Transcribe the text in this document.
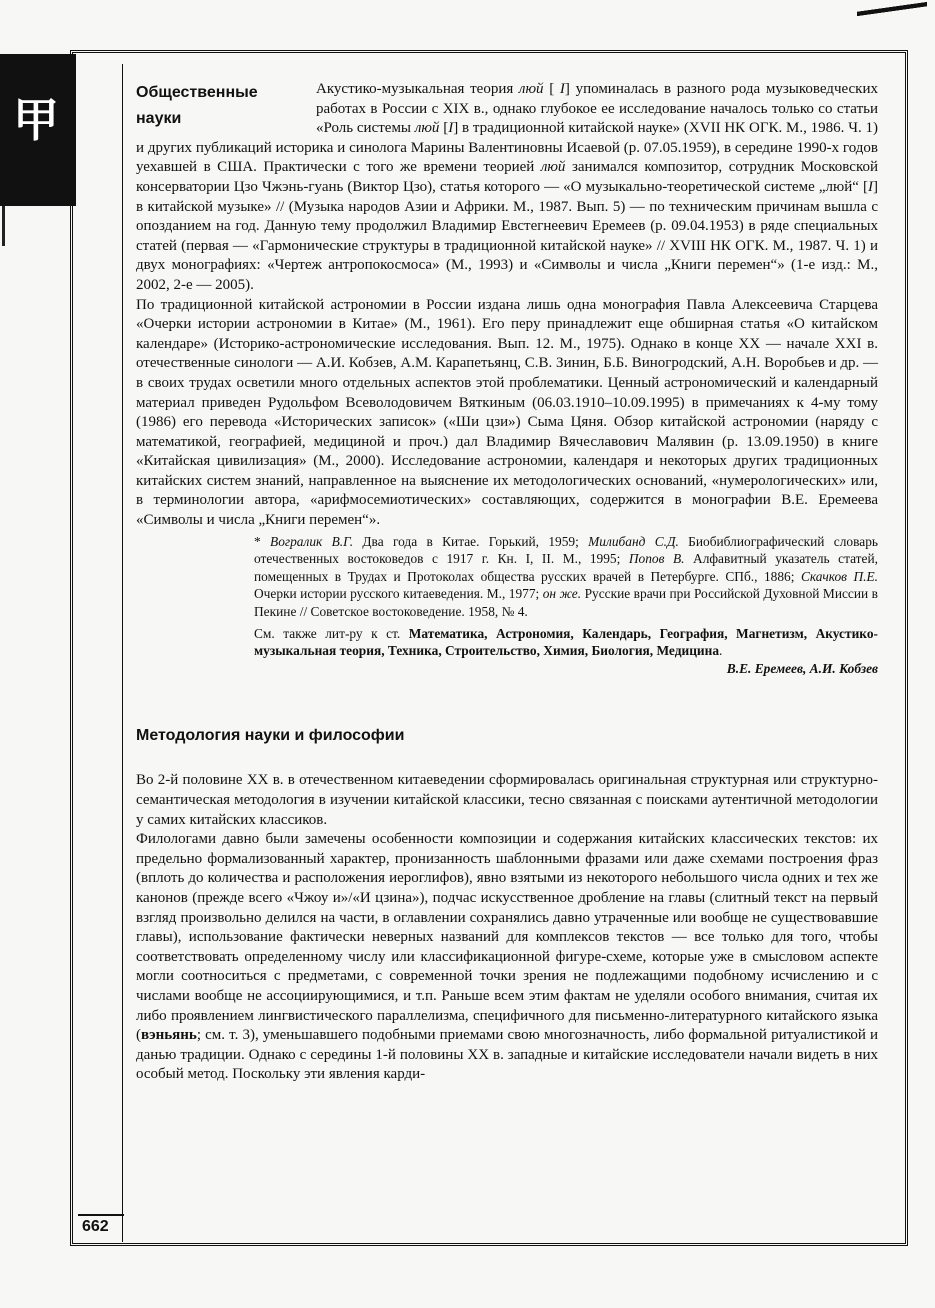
甲
662
Общественные науки

Акустико-музыкальная теория люй [ I] упоминалась в разного рода музыковедческих работах в России с XIX в., однако глубокое ее исследование началось только со статьи «Роль системы люй [I] в традиционной китайской науке» (XVII НК ОГК. М., 1986. Ч. 1) и других публикаций историка и синолога Марины Валентиновны Исаевой (р. 07.05.1959), в середине 1990-х годов уехавшей в США. Практически с того же времени теорией люй занимался композитор, сотрудник Московской консерватории Цзо Чжэнь-гуань (Виктор Цзо), статья которого — «О музыкально-теоретической системе „люй“ [I] в китайской музыке» // (Музыка народов Азии и Африки. М., 1987. Вып. 5) — по техническим причинам вышла с опозданием на год. Данную тему продолжил Владимир Евстегнеевич Еремеев (р. 09.04.1953) в ряде специальных статей (первая — «Гармонические структуры в традиционной китайской науке» // XVIII НК ОГК. М., 1987. Ч. 1) и двух монографиях: «Чертеж антропокосмоса» (М., 1993) и «Символы и числа „Книги перемен“» (1-е изд.: М., 2002, 2-е — 2005).

По традиционной китайской астрономии в России издана лишь одна монография Павла Алексеевича Старцева «Очерки истории астрономии в Китае» (М., 1961). Его перу принадлежит еще обширная статья «О китайском календаре» (Историко-астрономические исследования. Вып. 12. М., 1975). Однако в конце XX — начале XXI в. отечественные синологи — А.И. Кобзев, А.М. Карапетьянц, С.В. Зинин, Б.Б. Виногродский, А.Н. Воробьев и др. — в своих трудах осветили много отдельных аспектов этой проблематики. Ценный астрономический и календарный материал приведен Рудольфом Всеволодовичем Вяткиным (06.03.1910–10.09.1995) в примечаниях к 4-му тому (1986) его перевода «Исторических записок» («Ши цзи») Сыма Цяня. Обзор китайской астрономии (наряду с математикой, географией, медициной и проч.) дал Владимир Вячеславович Малявин (р. 13.09.1950) в книге «Китайская цивилизация» (М., 2000). Исследование астрономии, календаря и некоторых других традиционных китайских систем знаний, направленное на выяснение их методологических оснований, «нумерологических» или, в терминологии автора, «арифмосемиотических» составляющих, содержится в монографии В.Е. Еремеева «Символы и числа „Книги перемен“».

* Вогралик В.Г. Два года в Китае. Горький, 1959; Милибанд С.Д. Биобиблиографический словарь отечественных востоковедов с 1917 г. Кн. I, II. М., 1995; Попов В. Алфавитный указатель статей, помещенных в Трудах и Протоколах общества русских врачей в Петербурге. СПб., 1886; Скачков П.Е. Очерки истории русского китаеведения. М., 1977; он же. Русские врачи при Российской Духовной Миссии в Пекине // Советское востоковедение. 1958, № 4.
См. также лит-ру к ст. Математика, Астрономия, Календарь, География, Магнетизм, Акустико-музыкальная теория, Техника, Строительство, Химия, Биология, Медицина.
В.Е. Еремеев, А.И. Кобзев
Методология науки и философии

Во 2-й половине XX в. в отечественном китаеведении сформировалась оригинальная структурная или структурно-семантическая методология в изучении китайской классики, тесно связанная с поисками аутентичной методологии у самих китайских классиков.

Филологами давно были замечены особенности композиции и содержания китайских классических текстов: их предельно формализованный характер, пронизанность шаблонными фразами или даже схемами построения фраз (вплоть до количества и расположения иероглифов), явно взятыми из некоторого небольшого числа одних и тех же канонов (прежде всего «Чжоу и»/«И цзина»), подчас искусственное дробление на главы (слитный текст на первый взгляд произвольно делился на части, в оглавлении сохранялись давно утраченные или вообще не существовавшие главы), использование фактически неверных названий для комплексов текстов — все только для того, чтобы соответствовать определенному числу или классификационной фигуре-схеме, которые уже в смысловом аспекте могли соотноситься с предметами, с современной точки зрения не подлежащими подобному исчислению и с числами вообще не ассоциирующимися, и т.п. Раньше всем этим фактам не уделяли особого внимания, считая их либо проявлением лингвистического параллелизма, специфичного для письменно-литературного китайского языка (вэньянь; см. т. 3), уменьшавшего подобными приемами свою многозначность, либо формальной ритуалистикой и данью традиции. Однако с середины 1-й половины XX в. западные и китайские исследователи начали видеть в них особый метод. Поскольку эти явления карди-
